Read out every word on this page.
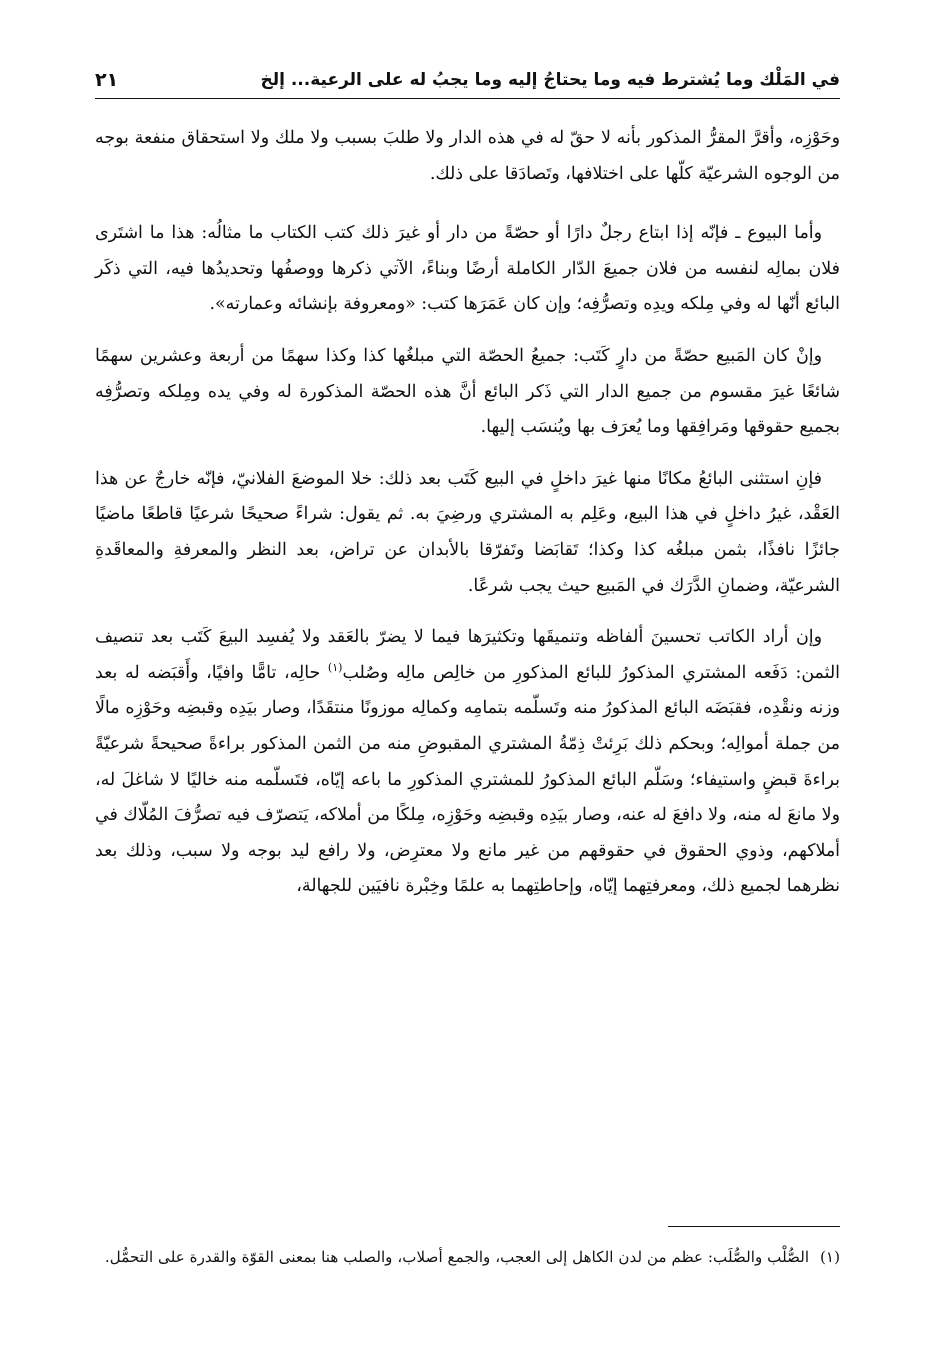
في المَلْك وما يُشترط فيه وما يحتاجُ إليه وما يجبُ له على الرعية... إلخ
٢١

وحَوْزِه، وأقرَّ المقرُّ المذكور بأنه لا حقّ له في هذه الدار ولا طلبَ بسبب ولا ملك ولا استحقاق منفعة بوجه من الوجوه الشرعيّة كلّها على اختلافها، وتَصادَقا على ذلك.

وأما البيوع ـ فإنّه إذا ابتاع رجلٌ دارًا أو حصّةً من دار أو غيرَ ذلك كتب الكتاب ما مثالُه: هذا ما اشتَرى فلان بمالِه لنفسه من فلان جميعَ الدّار الكاملة أرضًا وبناءً، الآتي ذكرها ووصفُها وتحديدُها فيه، التي ذكَر البائع أنّها له وفي مِلكه ويدِه وتصرُّفِه؛ وإن كان عَمَرَها كتب: «ومعروفة بإنشائه وعمارته».

وإنْ كان المَبيع حصّةً من دارٍ كَتَب: جميعُ الحصّة التي مبلغُها كذا وكذا سهمًا من أربعة وعشرين سهمًا شائعًا غيرَ مقسوم من جميع الدار التي ذَكر البائع أنَّ هذه الحصّة المذكورة له وفي يده ومِلكه وتصرُّفِه بجميع حقوقها ومَرافِقها وما يُعرَف بها ويُنسَب إليها.

فإنِ استثنى البائعُ مكانًا منها غيرَ داخلٍ في البيع كَتَب بعد ذلك: خلا الموضعَ الفلانيّ، فإنّه خارجٌ عن هذا العَقْد، غيرُ داخلٍ في هذا البيع، وعَلِم به المشتري ورضِيَ به. ثم يقول: شراءً صحيحًا شرعيًا قاطعًا ماضيًا جائزًا نافذًا، بثمن مبلغُه كذا وكذا؛ تَقابَضا وتَفرّقا بالأبدان عن تراض، بعد النظر والمعرفةِ والمعاقَدةِ الشرعيّة، وضمانِ الدَّرَك في المَبيع حيث يجب شرعًا.

وإن أراد الكاتب تحسينَ ألفاظه وتنميقَها وتكثيرَها فيما لا يضرّ بالعَقد ولا يُفسِد البيعَ كَتَب بعد تنصيف الثمن: دَفَعه المشتري المذكورُ للبائع المذكورِ من خالِص مالِه وصُلب$^{(١)}$ حالِه، تامًّا وافيًا، وأَقبَضه له بعد وزنه ونقْدِه، فقبَضَه البائع المذكورُ منه وتَسلّمه بتمامِه وكمالِه موزونًا منتقَدًا، وصار بيَدِه وقبضِه وحَوْزِه مالًا من جملة أموالِه؛ وبحكم ذلك بَرِئتْ ذِمّةُ المشتري المقبوضِ منه من الثمن المذكور براءةً صحيحةً شرعيّةً براءةَ قبضٍ واستيفاء؛ وسَلّم البائع المذكورُ للمشتري المذكورِ ما باعه إيّاه، فتَسلّمه منه خاليًا لا شاغلَ له، ولا مانعَ له منه، ولا دافعَ له عنه، وصار بيَدِه وقبضِه وحَوْزِه، مِلكًا من أملاكه، يَتصرّف فيه تصرُّفَ المُلّاك في أملاكهم، وذوي الحقوق في حقوقهم من غير مانع ولا معترِض، ولا رافع ليد بوجه ولا سبب، وذلك بعد نظرهما لجميع ذلك، ومعرفتِهما إيّاه، وإحاطتِهما به علمًا وخِبْرة نافيَين للجهالة،

(١) الصُّلْب والصُّلَب: عظم من لدن الكاهل إلى العجب، والجمع أصلاب، والصلب هنا بمعنى القوّة والقدرة على التحمُّل.
